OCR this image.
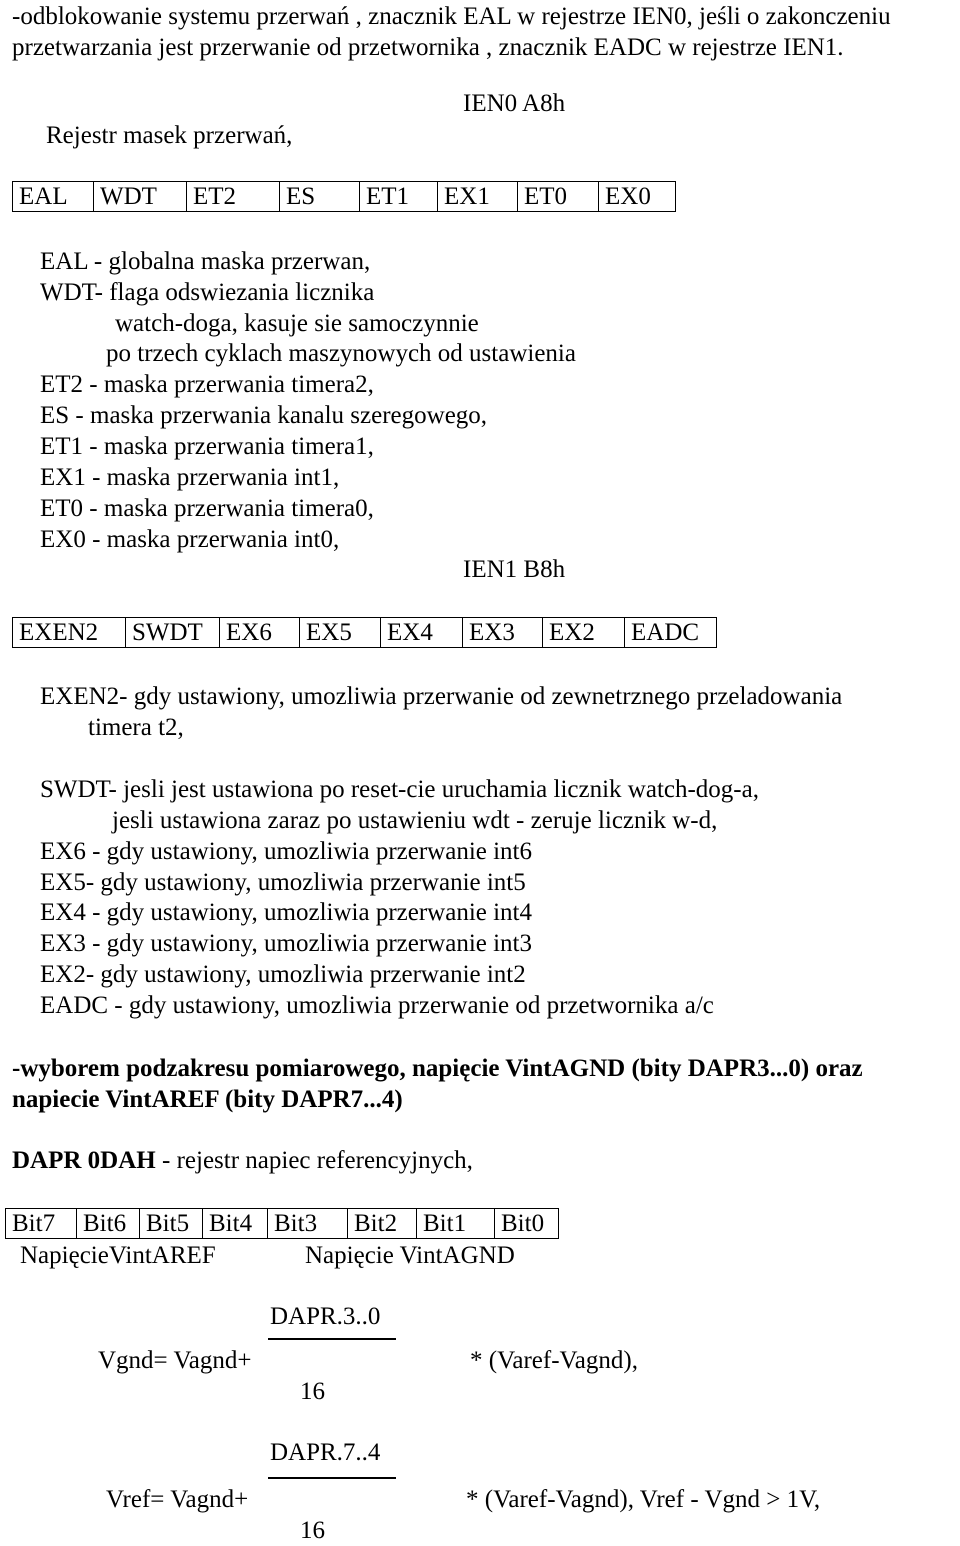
-odblokowanie systemu przerwań , znacznik EAL w rejestrze IEN0, jeśli o zakonczeniu
przetwarzania jest przerwanie od przetwornika , znacznik EADC w rejestrze IEN1.
Rejestr masek przerwań,
IEN0 A8h
EAL	WDT	ET2	ES	ET1	EX1	ET0	EX0
EAL - globalna maska przerwan,
WDT- flaga odswiezania licznika
watch-doga, kasuje sie samoczynnie
po trzech cyklach maszynowych od ustawienia
ET2 - maska przerwania timera2,
ES - maska przerwania kanalu szeregowego,
ET1 - maska przerwania timera1,
EX1 - maska przerwania int1,
ET0 - maska przerwania timera0,
EX0 - maska przerwania int0,
IEN1 B8h
EXEN2	SWDT	EX6	EX5	EX4	EX3	EX2	EADC
EXEN2- gdy ustawiony, umozliwia przerwanie od zewnetrznego przeladowania
timera t2,
SWDT- jesli jest ustawiona po reset-cie uruchamia licznik watch-dog-a,
jesli ustawiona zaraz po ustawieniu wdt - zeruje licznik w-d,
EX6 - gdy ustawiony, umozliwia przerwanie int6
EX5- gdy ustawiony, umozliwia przerwanie int5
EX4 - gdy ustawiony, umozliwia przerwanie int4
EX3 - gdy ustawiony, umozliwia przerwanie int3
EX2- gdy ustawiony, umozliwia przerwanie int2
EADC - gdy ustawiony, umozliwia przerwanie od przetwornika a/c
-wyborem podzakresu pomiarowego, napięcie VintAGND (bity DAPR3...0) oraz
napiecie VintAREF (bity DAPR7...4)
DAPR 0DAH - rejestr napiec referencyjnych,
Bit7	Bit6	Bit5	Bit4	Bit3	Bit2	Bit1	Bit0
NapięcieVintAREF	Napięcie VintAGND
DAPR.3..0
Vgnd= Vagnd+
16
* (Varef-Vagnd),
DAPR.7..4
Vref= Vagnd+
16
* (Varef-Vagnd), Vref - Vgnd > 1V,
